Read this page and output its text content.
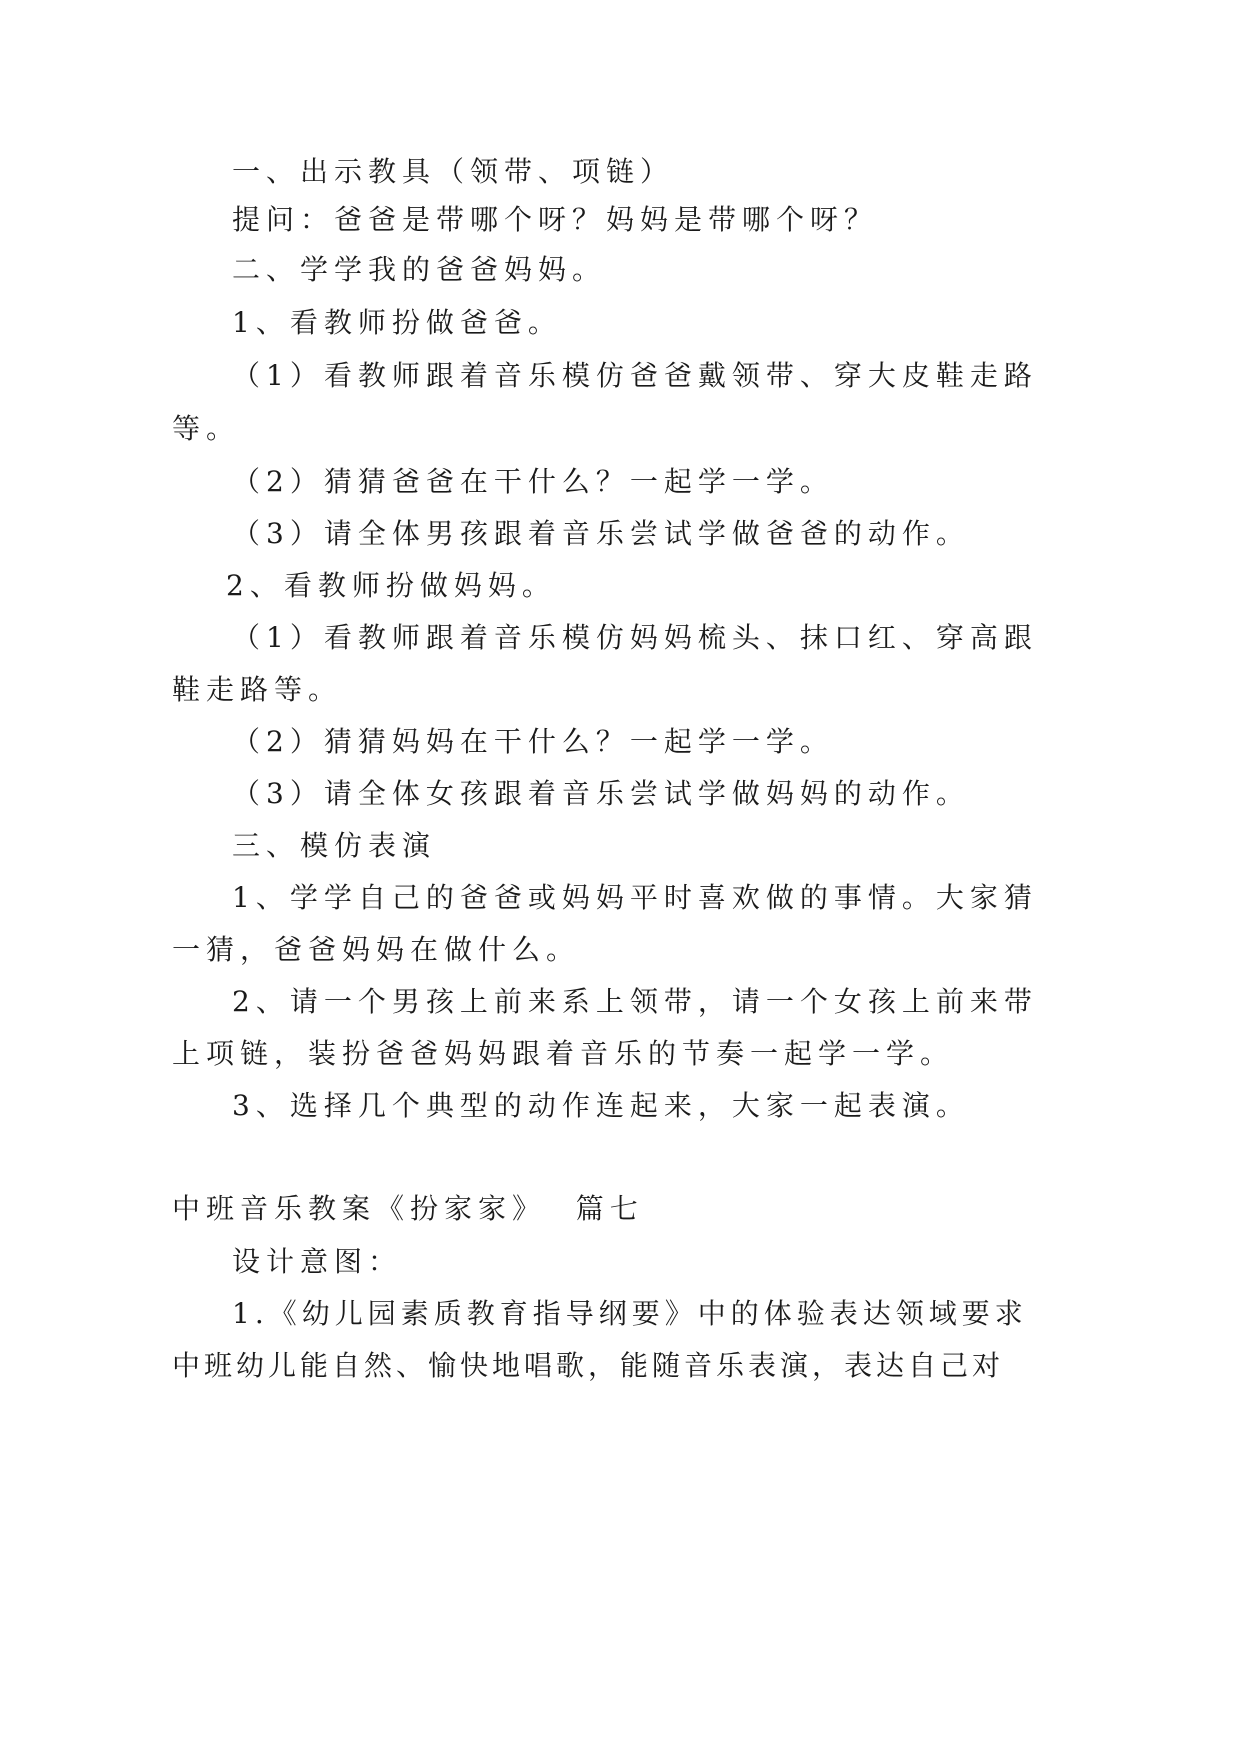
一、出示教具（领带、项链）

提问：爸爸是带哪个呀？妈妈是带哪个呀？

二、学学我的爸爸妈妈。

1、看教师扮做爸爸。

（1）看教师跟着音乐模仿爸爸戴领带、穿大皮鞋走路

等。

（2）猜猜爸爸在干什么？一起学一学。

（3）请全体男孩跟着音乐尝试学做爸爸的动作。

2、看教师扮做妈妈。

（1）看教师跟着音乐模仿妈妈梳头、抹口红、穿高跟

鞋走路等。

（2）猜猜妈妈在干什么？一起学一学。

（3）请全体女孩跟着音乐尝试学做妈妈的动作。

三、模仿表演

1、学学自己的爸爸或妈妈平时喜欢做的事情。大家猜

一猜，爸爸妈妈在做什么。

2、请一个男孩上前来系上领带，请一个女孩上前来带

上项链，装扮爸爸妈妈跟着音乐的节奏一起学一学。

3、选择几个典型的动作连起来，大家一起表演。

中班音乐教案《扮家家》  篇七

设计意图：

1.《幼儿园素质教育指导纲要》中的体验表达领域要求

中班幼儿能自然、愉快地唱歌，能随音乐表演，表达自己对
